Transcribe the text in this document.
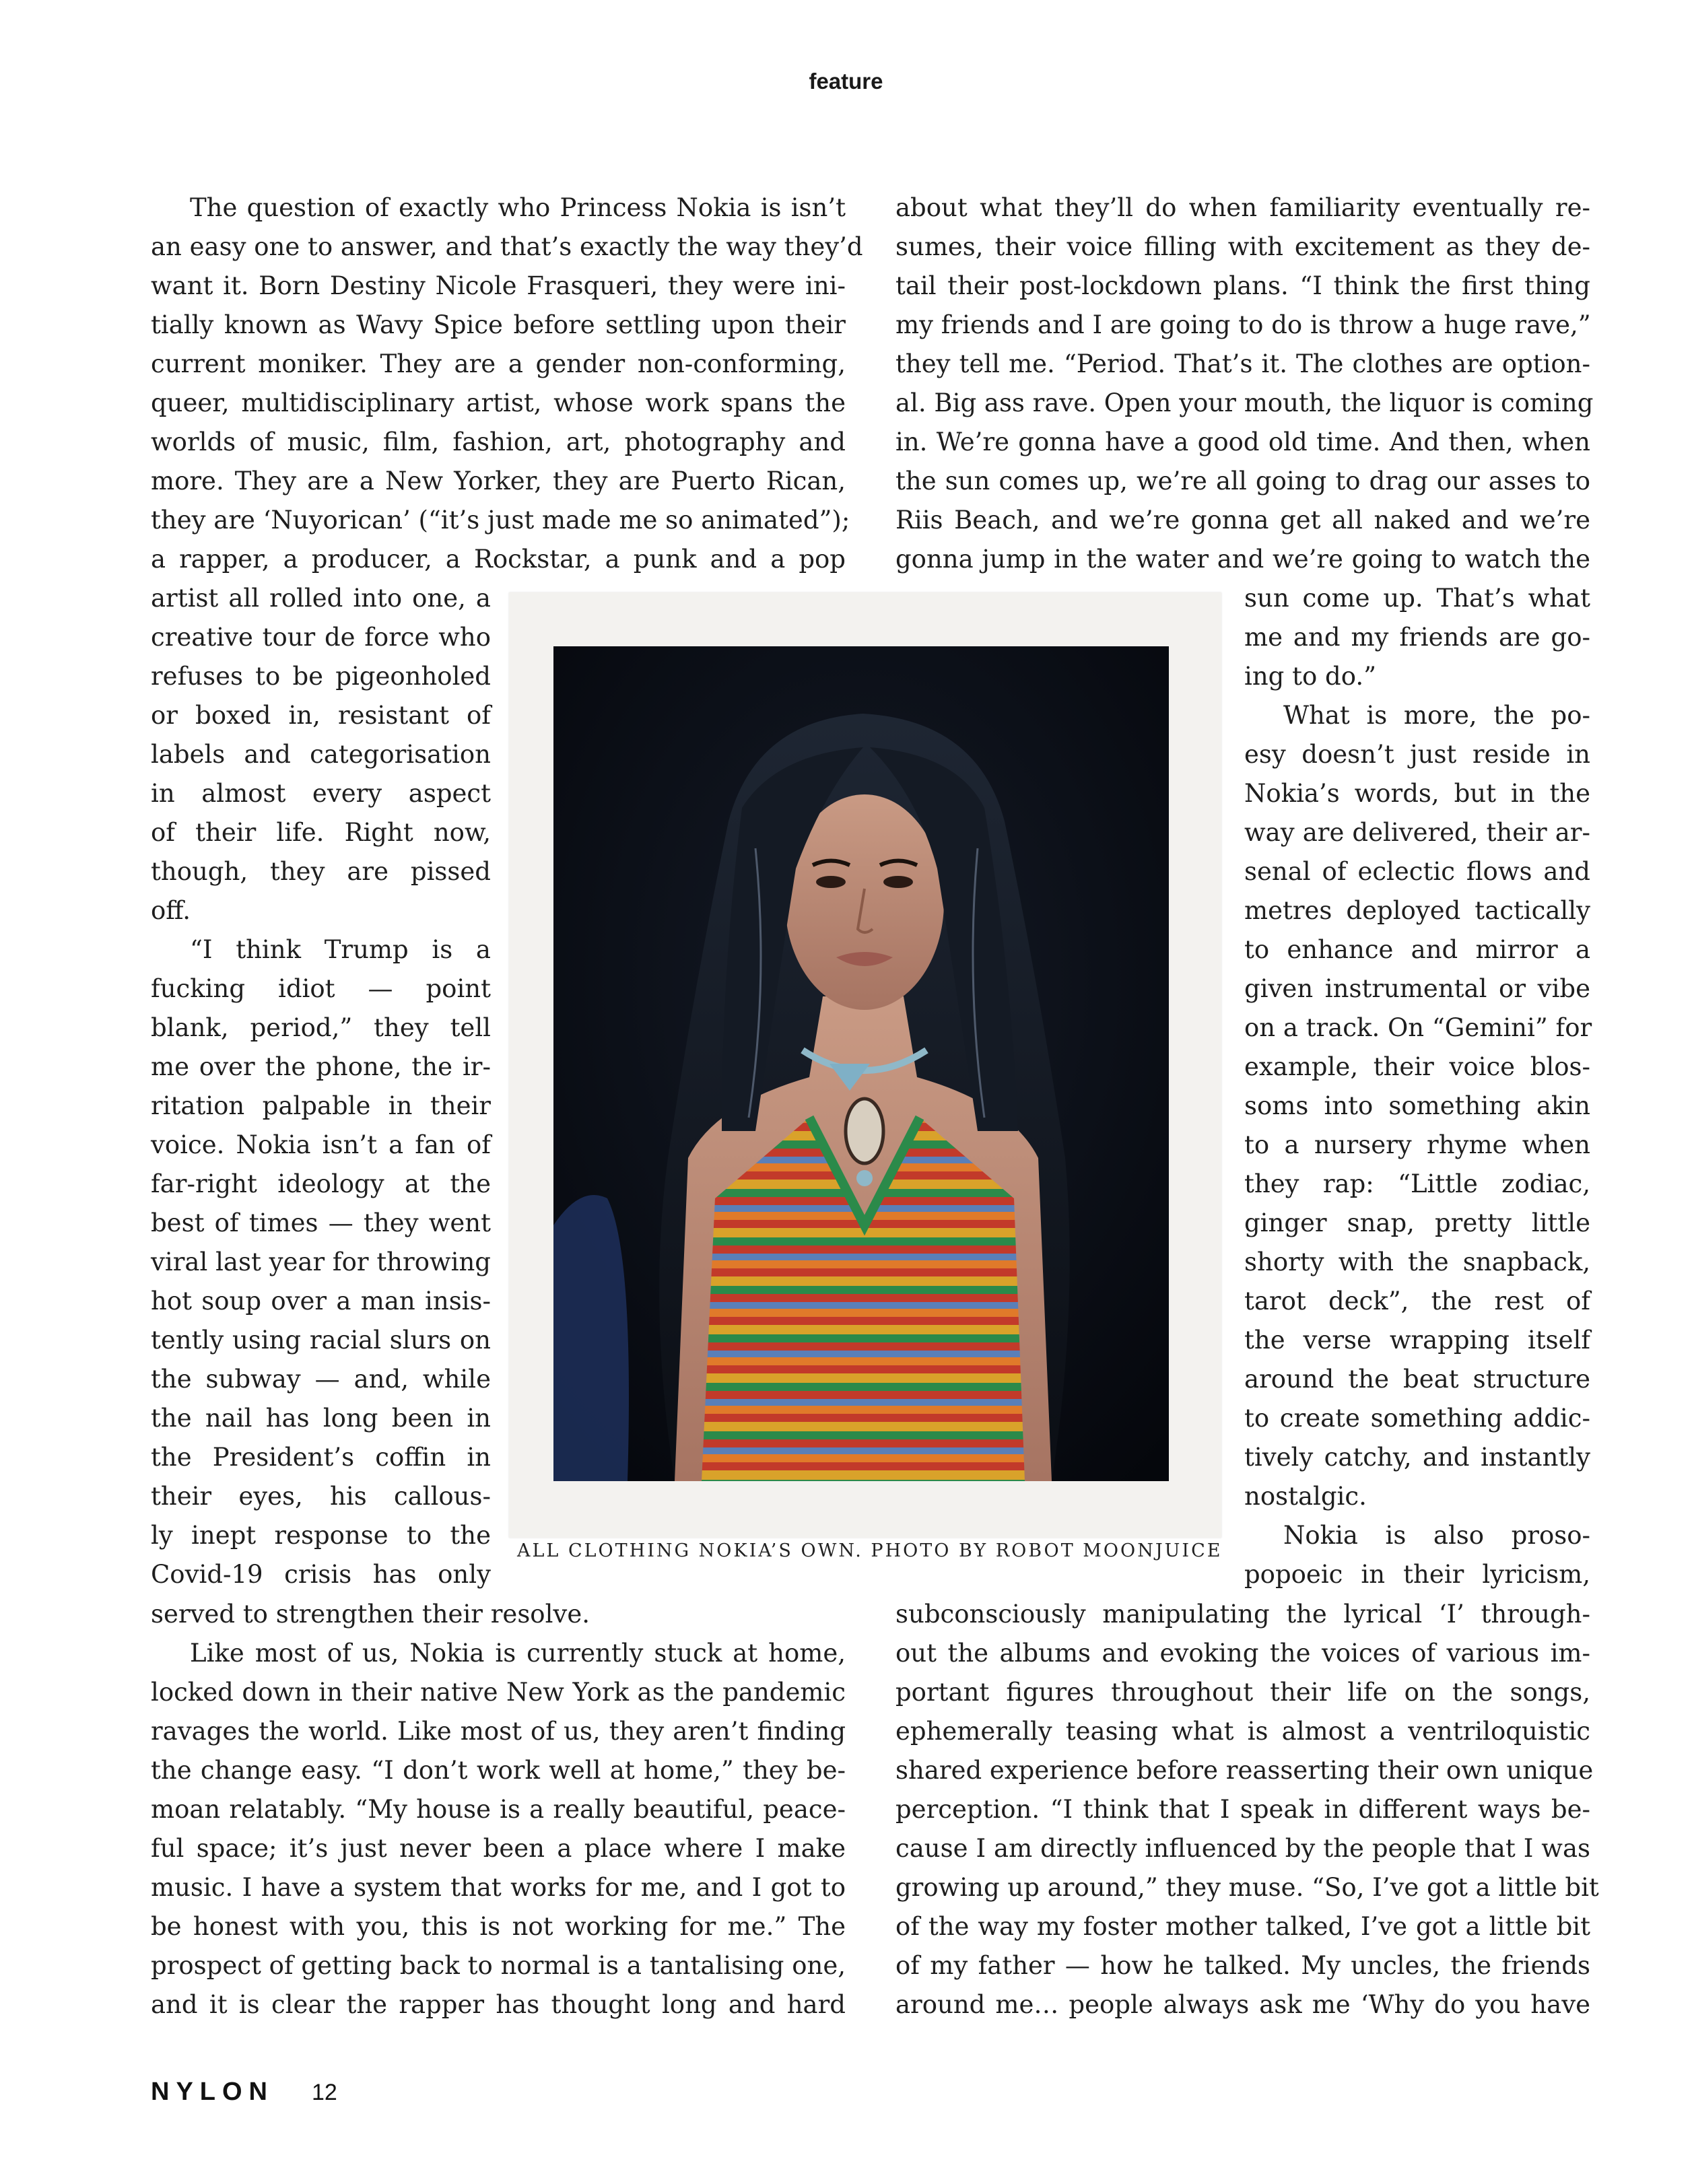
feature
The question of exactly who Princess Nokia is isn’t
an easy one to answer, and that’s exactly the way they’d
want it. Born Destiny Nicole Frasqueri, they were ini-
tially known as Wavy Spice before settling upon their
current moniker. They are a gender non-conforming,
queer, multidisciplinary artist, whose work spans the
worlds of music, film, fashion, art, photography and
more. They are a New Yorker, they are Puerto Rican,
they are ‘Nuyorican’ (“it’s just made me so animated”);
a rapper, a producer, a Rockstar, a punk and a pop
artist all rolled into one, a
creative tour de force who
refuses to be pigeonholed
or boxed in, resistant of
labels and categorisation
in almost every aspect
of their life. Right now,
though, they are pissed
off.
“I think Trump is a
fucking idiot — point
blank, period,” they tell
me over the phone, the ir-
ritation palpable in their
voice. Nokia isn’t a fan of
far-right ideology at the
best of times — they went
viral last year for throwing
hot soup over a man insis-
tently using racial slurs on
the subway — and, while
the nail has long been in
the President’s coffin in
their eyes, his callous-
ly inept response to the
Covid-19 crisis has only
served to strengthen their resolve.
Like most of us, Nokia is currently stuck at home,
locked down in their native New York as the pandemic
ravages the world. Like most of us, they aren’t finding
the change easy. “I don’t work well at home,” they be-
moan relatably. “My house is a really beautiful, peace-
ful space; it’s just never been a place where I make
music. I have a system that works for me, and I got to
be honest with you, this is not working for me.” The
prospect of getting back to normal is a tantalising one,
and it is clear the rapper has thought long and hard
about what they’ll do when familiarity eventually re-
sumes, their voice filling with excitement as they de-
tail their post-lockdown plans. “I think the first thing
my friends and I are going to do is throw a huge rave,”
they tell me. “Period. That’s it. The clothes are option-
al. Big ass rave. Open your mouth, the liquor is coming
in. We’re gonna have a good old time. And then, when
the sun comes up, we’re all going to drag our asses to
Riis Beach, and we’re gonna get all naked and we’re
gonna jump in the water and we’re going to watch the
sun come up. That’s what
me and my friends are go-
ing to do.”
What is more, the po-
esy doesn’t just reside in
Nokia’s words, but in the
way are delivered, their ar-
senal of eclectic flows and
metres deployed tactically
to enhance and mirror a
given instrumental or vibe
on a track. On “Gemini” for
example, their voice blos-
soms into something akin
to a nursery rhyme when
they rap: “Little zodiac,
ginger snap, pretty little
shorty with the snapback,
tarot deck”, the rest of
the verse wrapping itself
around the beat structure
to create something addic-
tively catchy, and instantly
nostalgic.
Nokia is also proso-
popoeic in their lyricism,
subconsciously manipulating the lyrical ‘I’ through-
out the albums and evoking the voices of various im-
portant figures throughout their life on the songs,
ephemerally teasing what is almost a ventriloquistic
shared experience before reasserting their own unique
perception. “I think that I speak in different ways be-
cause I am directly influenced by the people that I was
growing up around,” they muse. “So, I’ve got a little bit
of the way my foster mother talked, I’ve got a little bit
of my father — how he talked. My uncles, the friends
around me… people always ask me ‘Why do you have
ALL CLOTHING NOKIA’S OWN. PHOTO BY ROBOT MOONJUICE
NYLON 12
